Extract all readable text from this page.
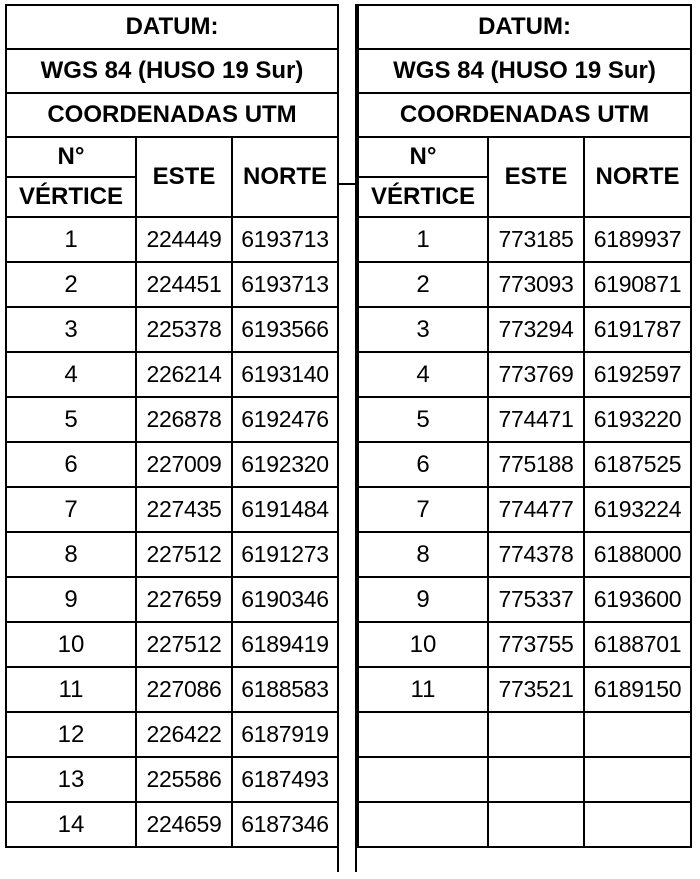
DATUM:		
WGS 84 (HUSO 19 Sur)		
COORDENADAS UTM		
N°	ESTE	NORTE
VÉRTICE		
1	224449	6193713
2	224451	6193713
3	225378	6193566
4	226214	6193140
5	226878	6192476
6	227009	6192320
7	227435	6191484
8	227512	6191273
9	227659	6190346
10	227512	6189419
11	227086	6188583
12	226422	6187919
13	225586	6187493
14	224659	6187346
DATUM:		
WGS 84 (HUSO 19 Sur)		
COORDENADAS UTM		
N°	ESTE	NORTE
VÉRTICE		
1	773185	6189937
2	773093	6190871
3	773294	6191787
4	773769	6192597
5	774471	6193220
6	775188	6187525
7	774477	6193224
8	774378	6188000
9	775337	6193600
10	773755	6188701
11	773521	6189150
